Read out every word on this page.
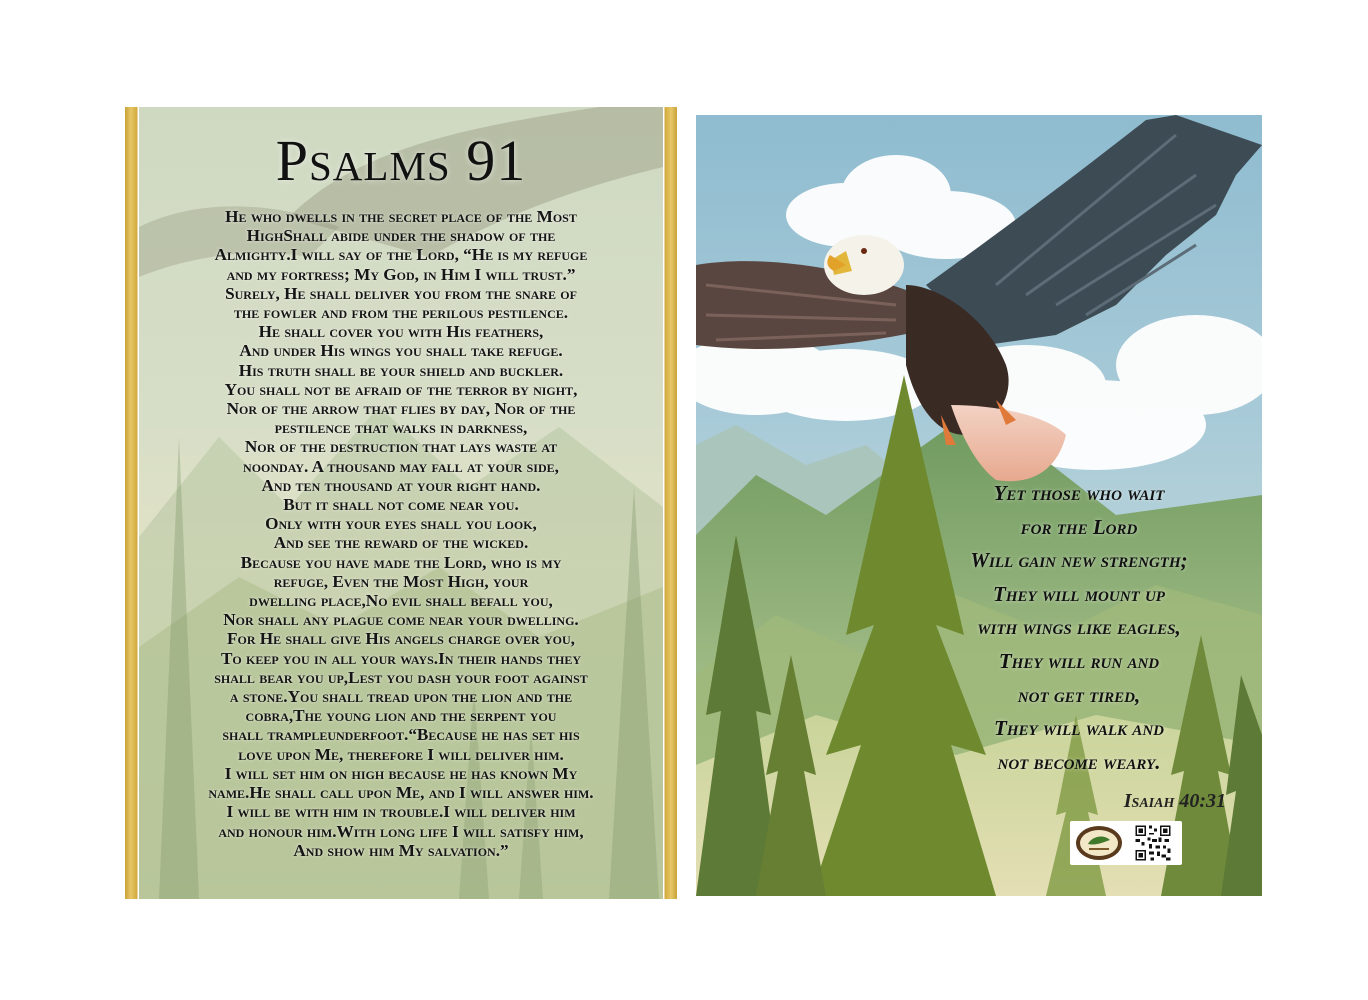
Psalms 91
He who dwells in the secret place of the Most
HighShall abide under the shadow of the
Almighty.I will say of the Lord, “He is my refuge
and my fortress; My God, in Him I will trust.”
Surely, He shall deliver you from the snare of
the fowler and from the perilous pestilence.
He shall cover you with His feathers,
And under His wings you shall take refuge.
His truth shall be your shield and buckler.
You shall not be afraid of the terror by night,
Nor of the arrow that flies by day, Nor of the
pestilence that walks in darkness,
Nor of the destruction that lays waste at
noonday. A thousand may fall at your side,
And ten thousand at your right hand.
But it shall not come near you.
Only with your eyes shall you look,
And see the reward of the wicked.
Because you have made the Lord, who is my
refuge, Even the Most High, your
dwelling place,No evil shall befall you,
Nor shall any plague come near your dwelling.
For He shall give His angels charge over you,
To keep you in all your ways.In their hands they
shall bear you up,Lest you dash your foot against
a stone.You shall tread upon the lion and the
cobra,The young lion and the serpent you
shall trampleunderfoot.“Because he has set his
love upon Me, therefore I will deliver him.
I will set him on high because he has known My
name.He shall call upon Me, and I will answer him.
I will be with him in trouble.I will deliver him
and honour him.With long life I will satisfy him,
And show him My salvation.”
Yet those who wait
for the Lord
Will gain new strength;
They will mount up
with wings like eagles,
They will run and
not get tired,
They will walk and
not become weary.
Isaiah 40:31
